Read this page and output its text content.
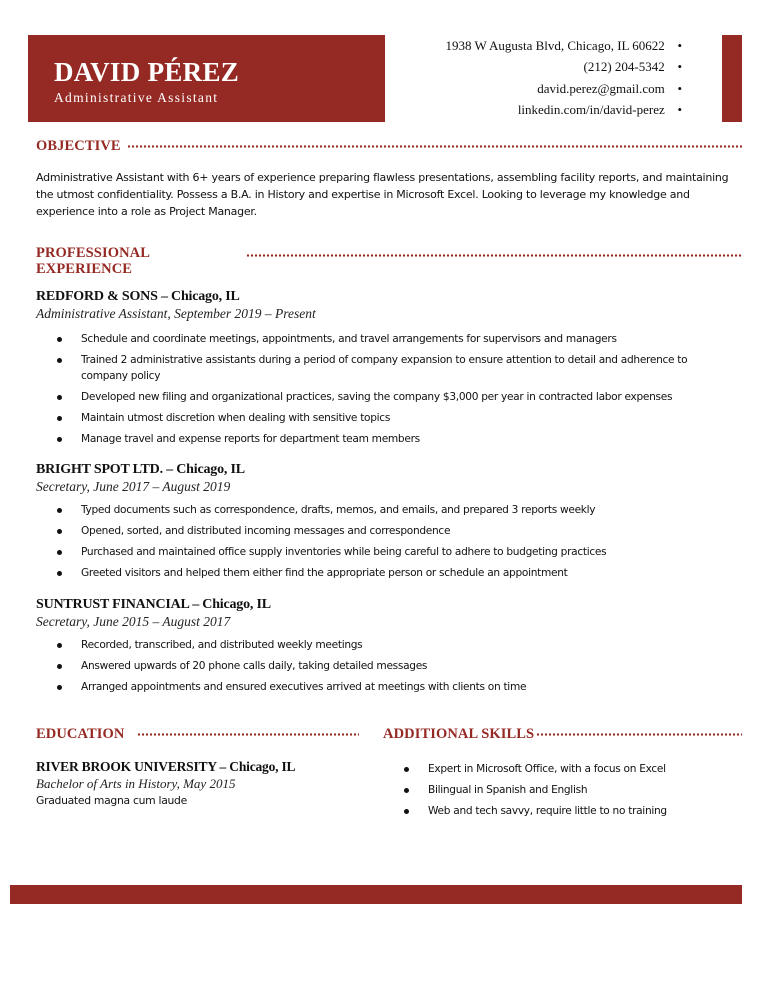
DAVID PÉREZ
Administrative Assistant
1938 W Augusta Blvd, Chicago, IL 60622 •
(212) 204-5342 •
david.perez@gmail.com •
linkedin.com/in/david-perez •
OBJECTIVE
Administrative Assistant with 6+ years of experience preparing flawless presentations, assembling facility reports, and maintaining the utmost confidentiality. Possess a B.A. in History and expertise in Microsoft Excel. Looking to leverage my knowledge and experience into a role as Project Manager.
PROFESSIONAL
EXPERIENCE
REDFORD & SONS – Chicago, IL
Administrative Assistant, September 2019 – Present
Schedule and coordinate meetings, appointments, and travel arrangements for supervisors and managers
Trained 2 administrative assistants during a period of company expansion to ensure attention to detail and adherence to company policy
Developed new filing and organizational practices, saving the company $3,000 per year in contracted labor expenses
Maintain utmost discretion when dealing with sensitive topics
Manage travel and expense reports for department team members
BRIGHT SPOT LTD. – Chicago, IL
Secretary, June 2017 – August 2019
Typed documents such as correspondence, drafts, memos, and emails, and prepared 3 reports weekly
Opened, sorted, and distributed incoming messages and correspondence
Purchased and maintained office supply inventories while being careful to adhere to budgeting practices
Greeted visitors and helped them either find the appropriate person or schedule an appointment
SUNTRUST FINANCIAL – Chicago, IL
Secretary, June 2015 – August 2017
Recorded, transcribed, and distributed weekly meetings
Answered upwards of 20 phone calls daily, taking detailed messages
Arranged appointments and ensured executives arrived at meetings with clients on time
EDUCATION
RIVER BROOK UNIVERSITY – Chicago, IL
Bachelor of Arts in History, May 2015
Graduated magna cum laude
ADDITIONAL SKILLS
Expert in Microsoft Office, with a focus on Excel
Bilingual in Spanish and English
Web and tech savvy, require little to no training
